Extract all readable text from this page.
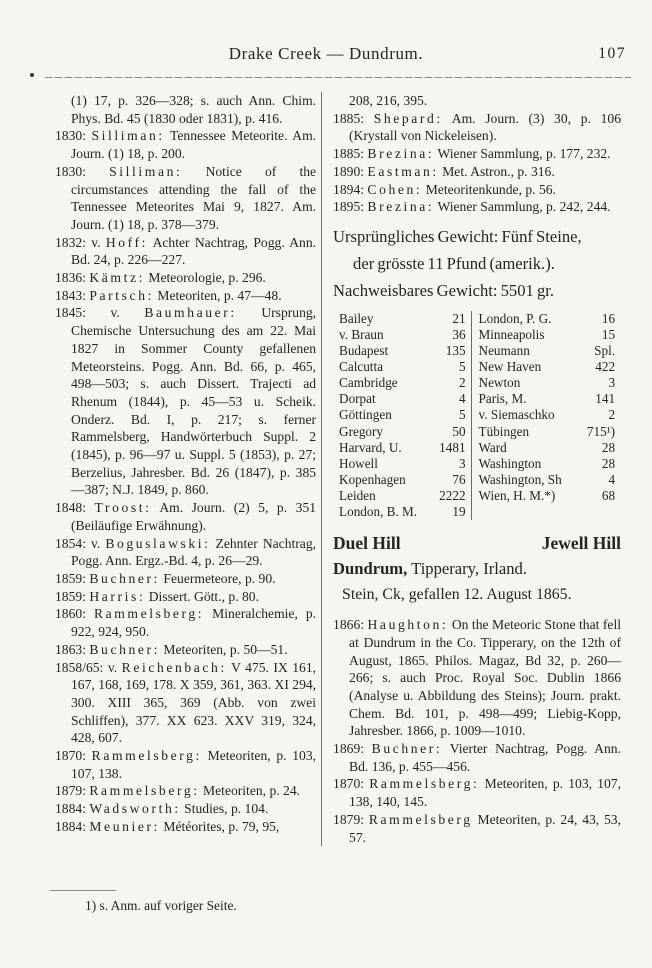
Drake Creek — Dundrum.	107

(1) 17, p. 326—328; s. auch Ann. Chim. Phys. Bd. 45 (1830 oder 1831), p. 416.

1830: Silliman: Tennessee Meteorite. Am. Journ. (1) 18, p. 200.

1830: Silliman: Notice of the circumstances attending the fall of the Tennessee Meteorites Mai 9, 1827. Am. Journ. (1) 18, p. 378—379.

1832: v. Hoff: Achter Nachtrag, Pogg. Ann. Bd. 24, p. 226—227.

1836: Kämtz: Meteorologie, p. 296.

1843: Partsch: Meteoriten, p. 47—48.

1845: v. Baumhauer: Ursprung, Chemische Untersuchung des am 22. Mai 1827 in Sommer County gefallenen Meteorsteins. Pogg. Ann. Bd. 66, p. 465, 498—503; s. auch Dissert. Trajecti ad Rhenum (1844), p. 45—53 u. Scheik. Onderz. Bd. I, p. 217; s. ferner Rammelsberg, Handwörterbuch Suppl. 2 (1845), p. 96—97 u. Suppl. 5 (1853), p. 27; Berzelius, Jahresber. Bd. 26 (1847), p. 385—387; N.J. 1849, p. 860.

1848: Troost: Am. Journ. (2) 5, p. 351 (Beiläufige Erwähnung).

1854: v. Boguslawski: Zehnter Nachtrag, Pogg. Ann. Ergz.-Bd. 4, p. 26—29.

1859: Buchner: Feuermeteore, p. 90.

1859: Harris: Dissert. Gött., p. 80.

1860: Rammelsberg: Mineralchemie, p. 922, 924, 950.

1863: Buchner: Meteoriten, p. 50—51.

1858/65: v. Reichenbach: V 475. IX 161, 167, 168, 169, 178. X 359, 361, 363. XI 294, 300. XIII 365, 369 (Abb. von zwei Schliffen), 377. XX 623. XXV 319, 324, 428, 607.

1870: Rammelsberg: Meteoriten, p. 103, 107, 138.

1879: Rammelsberg: Meteoriten, p. 24.

1884: Wadsworth: Studies, p. 104.

1884: Meunier: Météorites, p. 79, 95,

208, 216, 395.

1885: Shepard: Am. Journ. (3) 30, p. 106 (Krystall von Nickeleisen).

1885: Brezina: Wiener Sammlung, p. 177, 232.

1890: Eastman: Met. Astron., p. 316.

1894: Cohen: Meteoritenkunde, p. 56.

1895: Brezina: Wiener Sammlung, p. 242, 244.

Ursprüngliches Gewicht: Fünf Steine,

der grösste 11 Pfund (amerik.).

Nachweisbares Gewicht: 5501 gr.

Bailey	21	London, P. G.	16
v. Braun	36	Minneapolis	15
Budapest	135	Neumann	Spl.
Calcutta	5	New Haven	422
Cambridge	2	Newton	3
Dorpat	4	Paris, M.	141
Göttingen	5	v. Siemaschko	2
Gregory	50	Tübingen	715¹)
Harvard, U.	1481	Ward	28
Howell	3	Washington	28
Kopenhagen	76	Washington, Sh	4
Leiden	2222	Wien, H. M.*)	68
London, B. M.	19		
Duel Hill	Jewell Hill
Dundrum, Tipperary, Irland.
Stein, Ck, gefallen 12. August 1865.

1866: Haughton: On the Meteoric Stone that fell at Dundrum in the Co. Tipperary, on the 12th of August, 1865. Philos. Magaz, Bd 32, p. 260—266; s. auch Proc. Royal Soc. Dublin 1866 (Analyse u. Abbildung des Steins); Journ. prakt. Chem. Bd. 101, p. 498—499; Liebig-Kopp, Jahresber. 1866, p. 1009—1010.

1869: Buchner: Vierter Nachtrag, Pogg. Ann. Bd. 136, p. 455—456.

1870: Rammelsberg: Meteoriten, p. 103, 107, 138, 140, 145.

1879: Rammelsberg Meteoriten, p. 24, 43, 53, 57.

1) s. Anm. auf voriger Seite.
